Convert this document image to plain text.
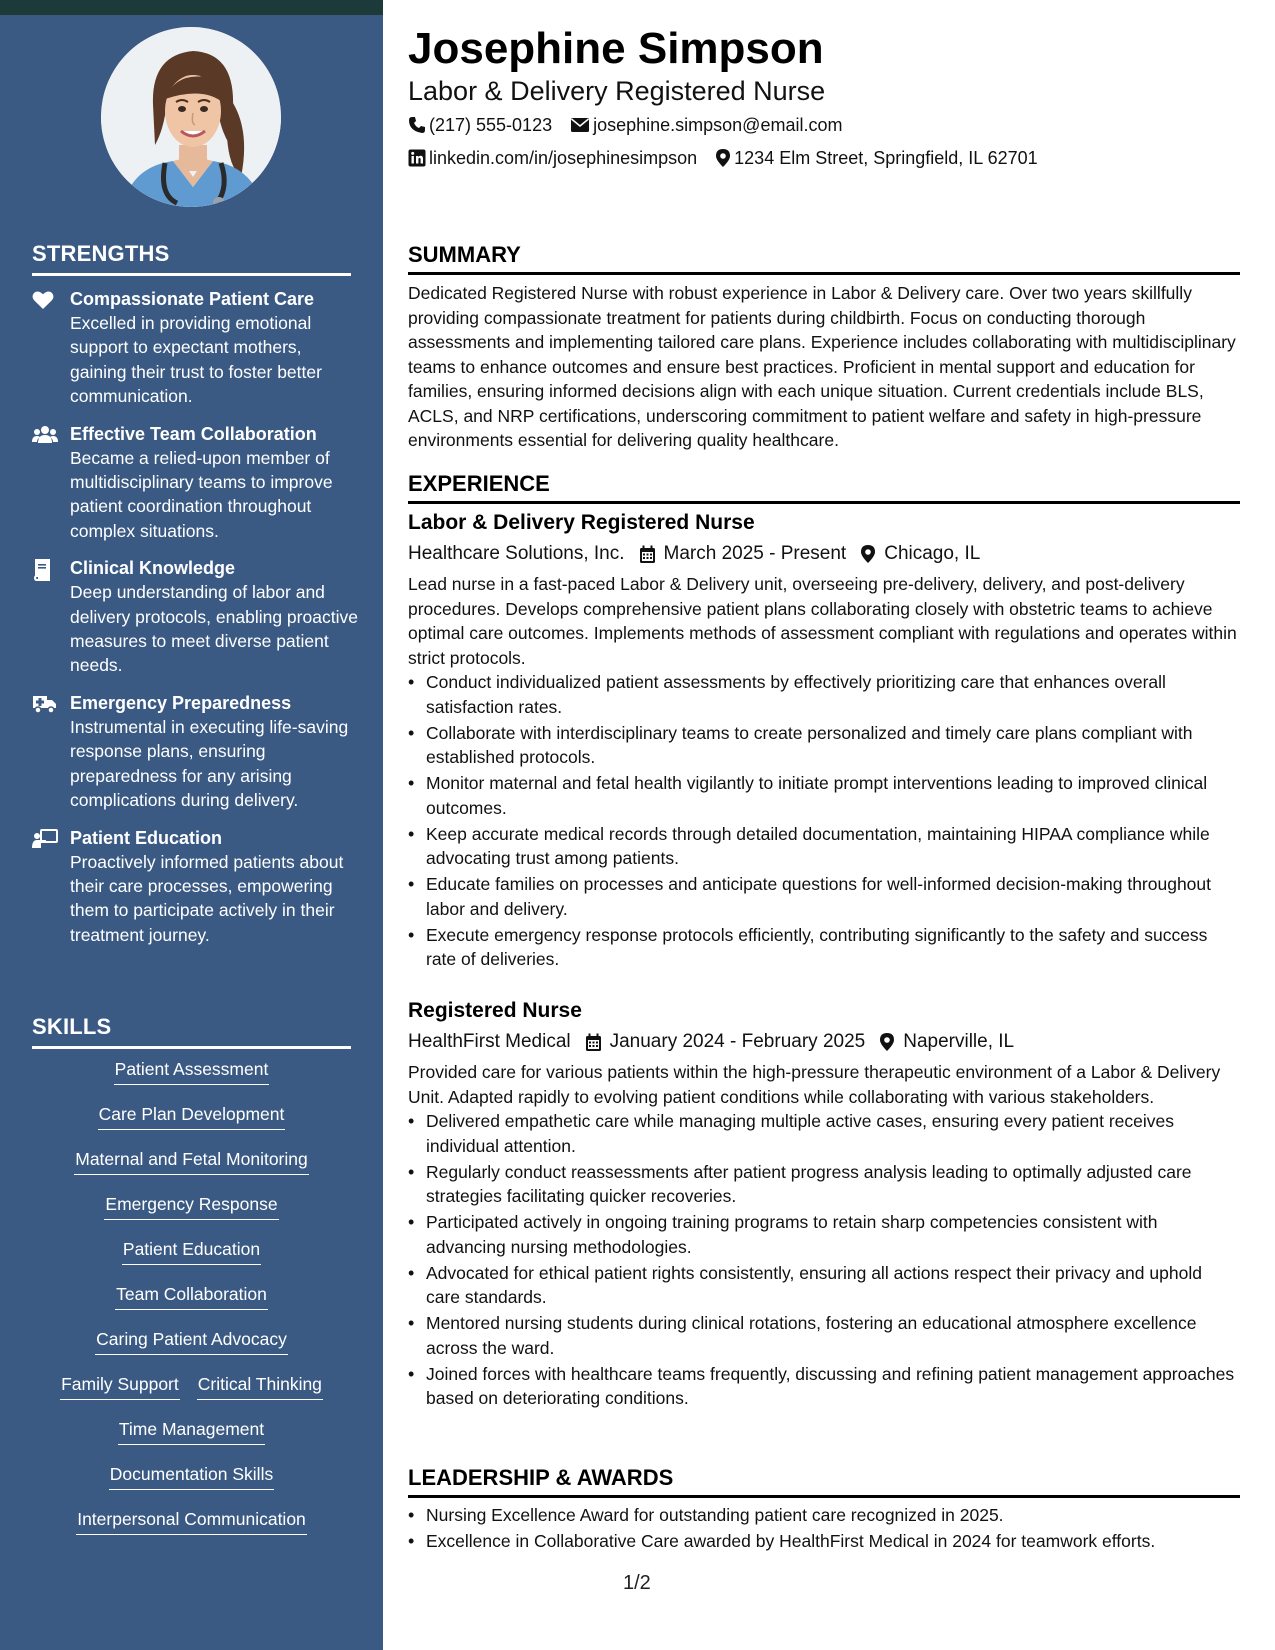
STRENGTHS
Compassionate Patient Care
Excelled in providing emotional support to expectant mothers, gaining their trust to foster better communication.
Effective Team Collaboration
Became a relied-upon member of multidisciplinary teams to improve patient coordination throughout complex situations.
Clinical Knowledge
Deep understanding of labor and delivery protocols, enabling proactive measures to meet diverse patient needs.
Emergency Preparedness
Instrumental in executing life-saving response plans, ensuring preparedness for any arising complications during delivery.
Patient Education
Proactively informed patients about their care processes, empowering them to participate actively in their treatment journey.
SKILLS
Patient Assessment
Care Plan Development
Maternal and Fetal Monitoring
Emergency Response
Patient Education
Team Collaboration
Caring Patient Advocacy
Family Support Critical Thinking
Time Management
Documentation Skills
Interpersonal Communication
Josephine Simpson
Labor & Delivery Registered Nurse
(217) 555-0123 josephine.simpson@email.com
linkedin.com/in/josephinesimpson 1234 Elm Street, Springfield, IL 62701
SUMMARY
Dedicated Registered Nurse with robust experience in Labor & Delivery care. Over two years skillfully providing compassionate treatment for patients during childbirth. Focus on conducting thorough assessments and implementing tailored care plans. Experience includes collaborating with multidisciplinary teams to enhance outcomes and ensure best practices. Proficient in mental support and education for families, ensuring informed decisions align with each unique situation. Current credentials include BLS, ACLS, and NRP certifications, underscoring commitment to patient welfare and safety in high-pressure environments essential for delivering quality healthcare.
EXPERIENCE
Labor & Delivery Registered Nurse
Healthcare Solutions, Inc. March 2025 - Present Chicago, IL
Lead nurse in a fast-paced Labor & Delivery unit, overseeing pre-delivery, delivery, and post-delivery procedures. Develops comprehensive patient plans collaborating closely with obstetric teams to achieve optimal care outcomes. Implements methods of assessment compliant with regulations and operates within strict protocols.
• Conduct individualized patient assessments by effectively prioritizing care that enhances overall satisfaction rates.
• Collaborate with interdisciplinary teams to create personalized and timely care plans compliant with established protocols.
• Monitor maternal and fetal health vigilantly to initiate prompt interventions leading to improved clinical outcomes.
• Keep accurate medical records through detailed documentation, maintaining HIPAA compliance while advocating trust among patients.
• Educate families on processes and anticipate questions for well-informed decision-making throughout labor and delivery.
• Execute emergency response protocols efficiently, contributing significantly to the safety and success rate of deliveries.
Registered Nurse
HealthFirst Medical January 2024 - February 2025 Naperville, IL
Provided care for various patients within the high-pressure therapeutic environment of a Labor & Delivery Unit. Adapted rapidly to evolving patient conditions while collaborating with various stakeholders.
• Delivered empathetic care while managing multiple active cases, ensuring every patient receives individual attention.
• Regularly conduct reassessments after patient progress analysis leading to optimally adjusted care strategies facilitating quicker recoveries.
• Participated actively in ongoing training programs to retain sharp competencies consistent with advancing nursing methodologies.
• Advocated for ethical patient rights consistently, ensuring all actions respect their privacy and uphold care standards.
• Mentored nursing students during clinical rotations, fostering an educational atmosphere excellence across the ward.
• Joined forces with healthcare teams frequently, discussing and refining patient management approaches based on deteriorating conditions.
LEADERSHIP & AWARDS
• Nursing Excellence Award for outstanding patient care recognized in 2025.
• Excellence in Collaborative Care awarded by HealthFirst Medical in 2024 for teamwork efforts.
1/2
